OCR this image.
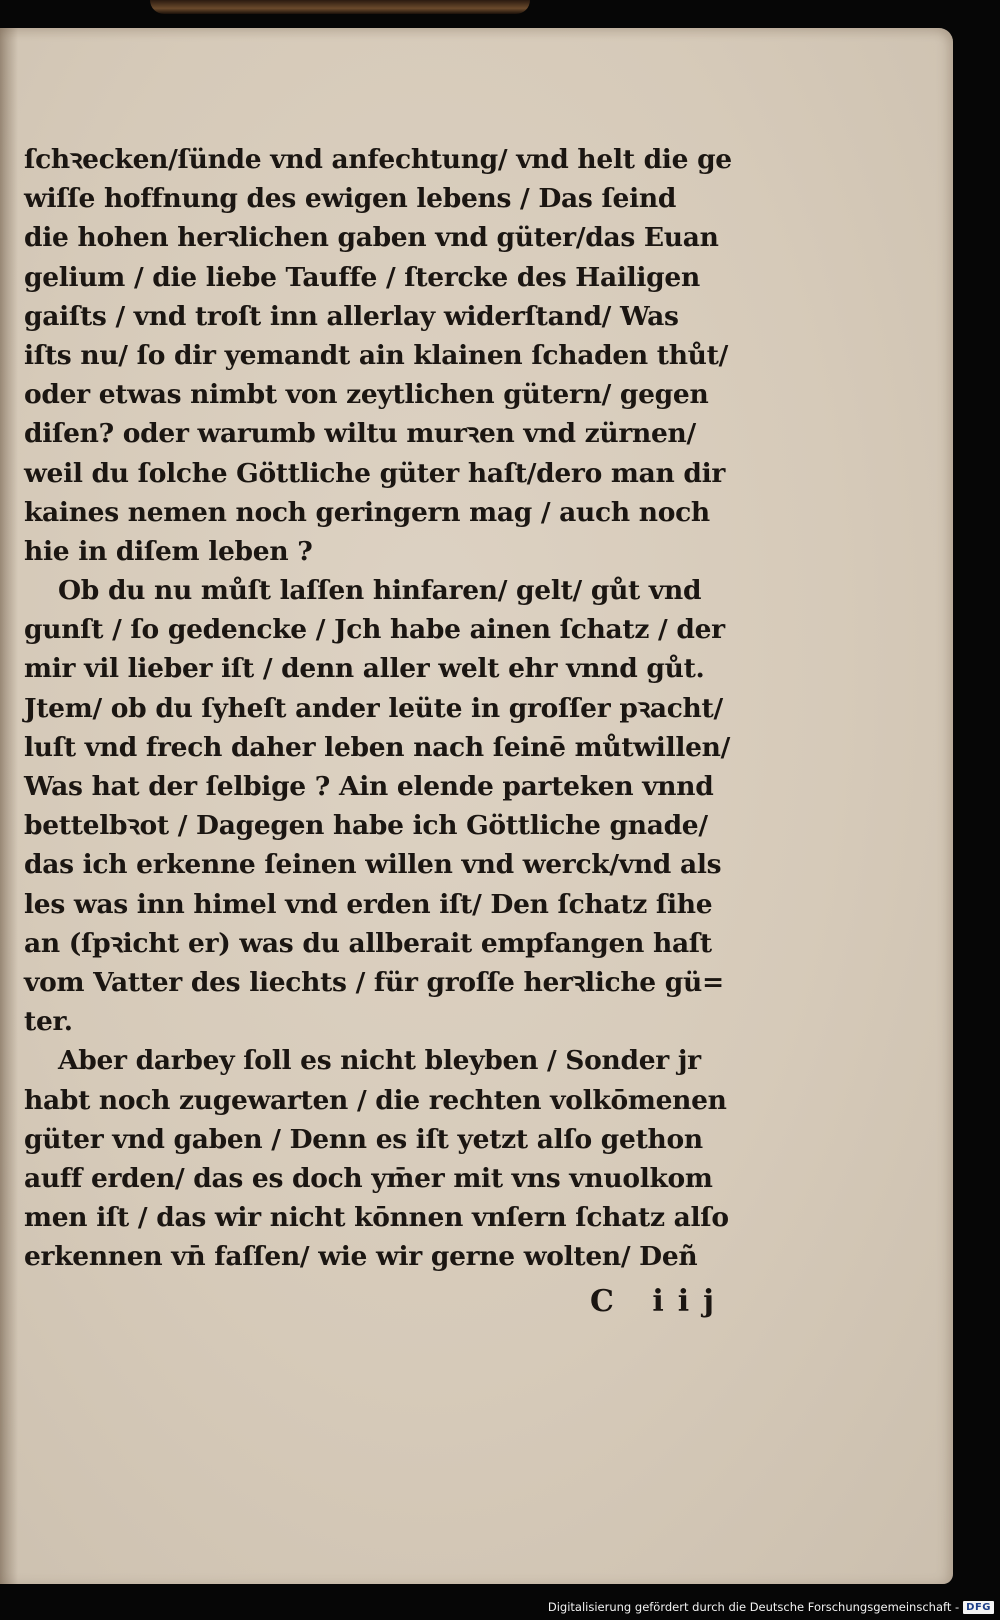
ſchꝛecken/ſünde vnd anfechtung/ vnd helt die ge
wiſſe hoffnung des ewigen lebens / Das ſeind
die hohen herꝛlichen gaben vnd güter/das Euan
gelium / die liebe Tauffe / ſtercke des Hailigen
gaiſts / vnd troſt inn allerlay widerſtand/ Was
iſts nu/ ſo dir yemandt ain klainen ſchaden thůt/
oder etwas nimbt von zeytlichen gütern/ gegen
diſen? oder warumb wiltu murꝛen vnd zürnen/
weil du ſolche Göttliche güter haſt/dero man dir
kaines nemen noch geringern mag / auch noch
hie in diſem leben ?
Ob du nu můſt laſſen hinfaren/ gelt/ gůt vnd
gunſt / ſo gedencke / Jch habe ainen ſchatz / der
mir vil lieber iſt / denn aller welt ehr vnnd gůt.
Jtem/ ob du ſyheſt ander leüte in groſſer pꝛacht/
luſt vnd frech daher leben nach ſeinē můtwillen/
Was hat der ſelbige ? Ain elende parteken vnnd
bettelbꝛot / Dagegen habe ich Göttliche gnade/
das ich erkenne ſeinen willen vnd werck/vnd als
les was inn himel vnd erden iſt/ Den ſchatz ſihe
an (ſpꝛicht er) was du allberait empfangen haſt
vom Vatter des liechts / für groſſe herꝛliche gü=
ter.
Aber darbey ſoll es nicht bleyben / Sonder jr
habt noch zugewarten / die rechten volkōmenen
güter vnd gaben / Denn es iſt yetzt alſo gethon
auff erden/ das es doch ym̄er mit vns vnuolkom
men iſt / das wir nicht kōnnen vnſern ſchatz alſo
erkennen vn̄ faſſen/ wie wir gerne wolten/ Deñ
C iij
Digitalisierung gefördert durch die Deutsche Forschungsgemeinschaft - DFG
